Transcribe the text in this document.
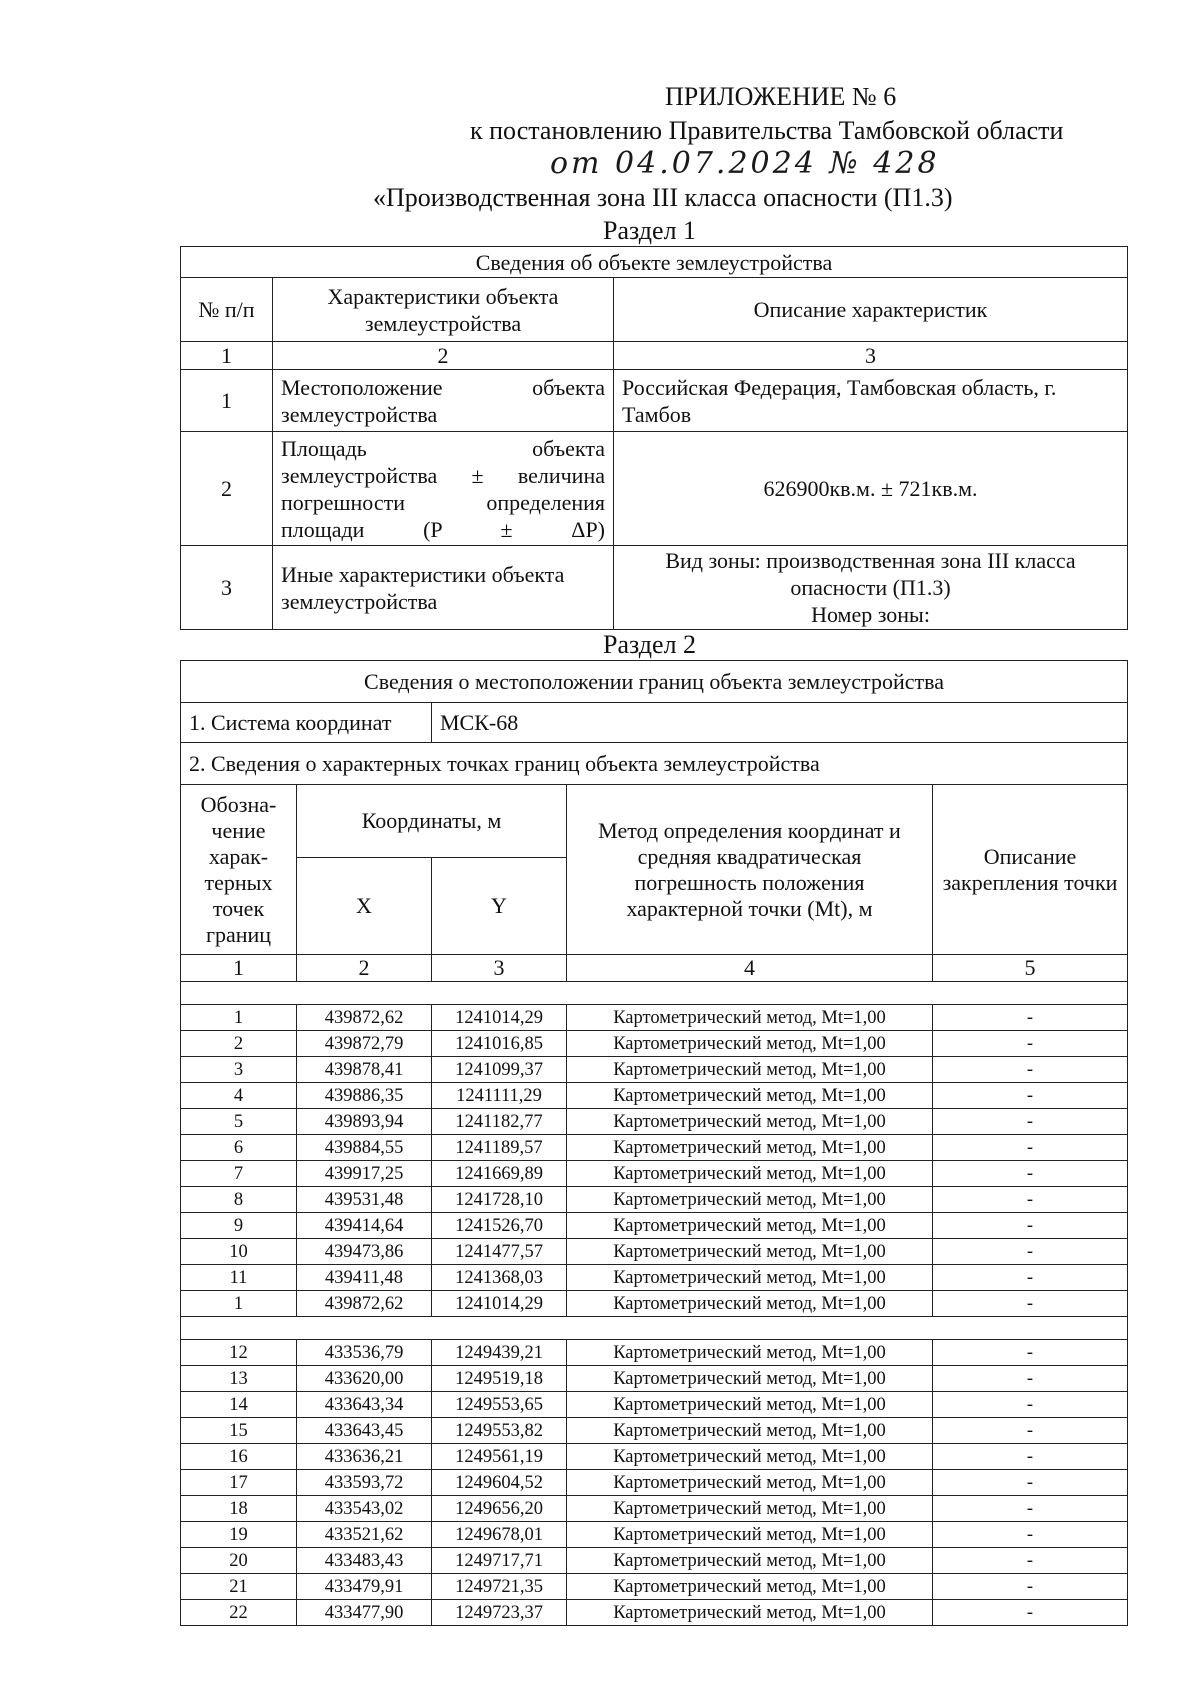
ПРИЛОЖЕНИЕ № 6
к постановлению Правительства Тамбовской области
от 04.07.2024 № 428
«Производственная зона III класса опасности (П1.3)
Раздел 1
Сведения об объекте землеустройства		
№ п/п	Характеристики объекта землеустройства	Описание характеристик
1	2	3
1	Местоположение объекта землеустройства	Российская Федерация, Тамбовская область, г. Тамбов
2	Площадь объекта землеустройства ± величина погрешности определения площади (P ± ΔP)	626900кв.м. ± 721кв.м.
3	Иные характеристики объекта землеустройства	Вид зоны: производственная зона III класса опасности (П1.3)
Номер зоны:
Раздел 2
Сведения о местоположении границ объекта землеустройства				
1. Система координат		МСК-68		
2. Сведения о характерных точках границ объекта землеустройства				
Обозна-чение харак-терных точек границ	Координаты, м		Метод определения координат и средняя квадратическая погрешность положения характерной точки (Mt), м	Описание закрепления точки
	X	Y		
1	2	3	4	5

1	439872,62	1241014,29	Картометрический метод, Mt=1,00	-
2	439872,79	1241016,85	Картометрический метод, Mt=1,00	-
3	439878,41	1241099,37	Картометрический метод, Mt=1,00	-
4	439886,35	1241111,29	Картометрический метод, Mt=1,00	-
5	439893,94	1241182,77	Картометрический метод, Mt=1,00	-
6	439884,55	1241189,57	Картометрический метод, Mt=1,00	-
7	439917,25	1241669,89	Картометрический метод, Mt=1,00	-
8	439531,48	1241728,10	Картометрический метод, Mt=1,00	-
9	439414,64	1241526,70	Картометрический метод, Mt=1,00	-
10	439473,86	1241477,57	Картометрический метод, Mt=1,00	-
11	439411,48	1241368,03	Картометрический метод, Mt=1,00	-
1	439872,62	1241014,29	Картометрический метод, Mt=1,00	-

12	433536,79	1249439,21	Картометрический метод, Mt=1,00	-
13	433620,00	1249519,18	Картометрический метод, Mt=1,00	-
14	433643,34	1249553,65	Картометрический метод, Mt=1,00	-
15	433643,45	1249553,82	Картометрический метод, Mt=1,00	-
16	433636,21	1249561,19	Картометрический метод, Mt=1,00	-
17	433593,72	1249604,52	Картометрический метод, Mt=1,00	-
18	433543,02	1249656,20	Картометрический метод, Mt=1,00	-
19	433521,62	1249678,01	Картометрический метод, Mt=1,00	-
20	433483,43	1249717,71	Картометрический метод, Mt=1,00	-
21	433479,91	1249721,35	Картометрический метод, Mt=1,00	-
22	433477,90	1249723,37	Картометрический метод, Mt=1,00	-
